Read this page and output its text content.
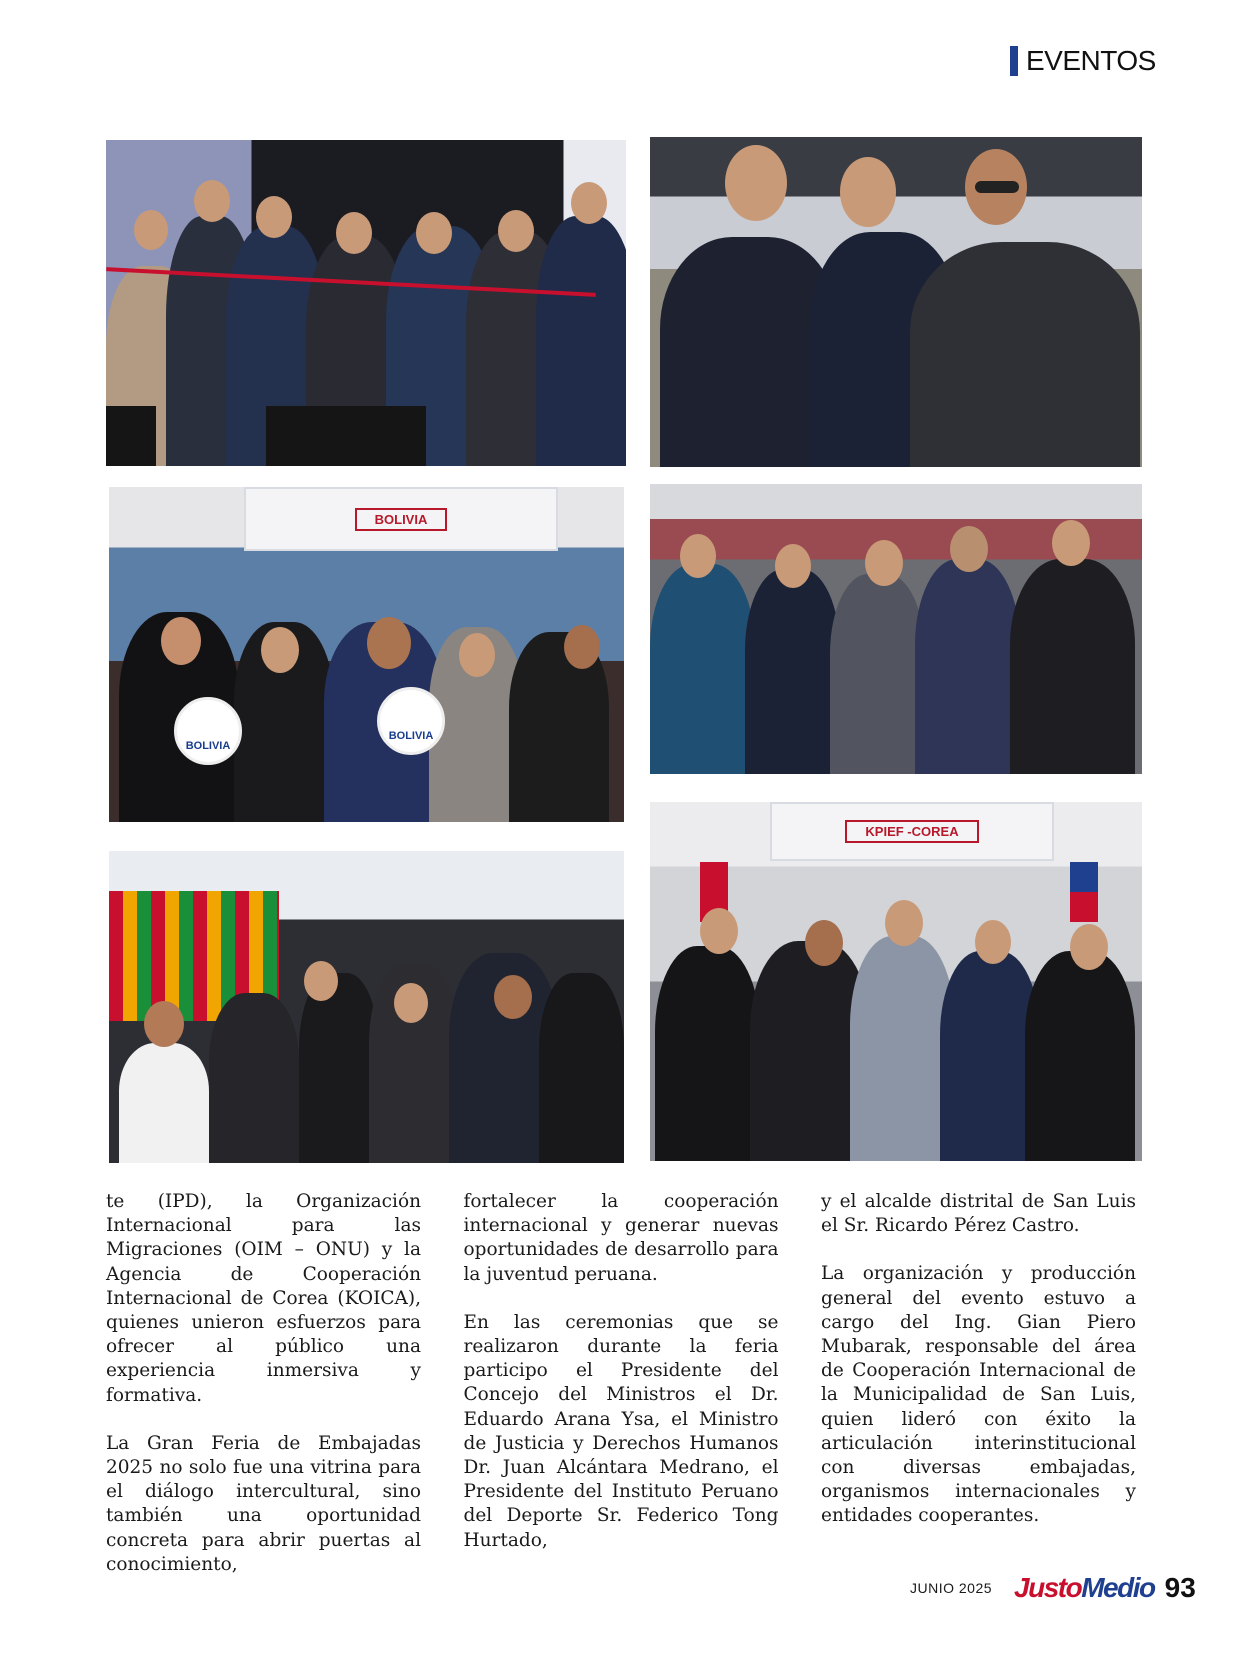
EVENTOS
BOLIVIA
BOLIVIA
BOLIVIA
KPIEF -COREA

te (IPD), la Organización Internacional para las Migraciones (OIM – ONU) y la Agencia de Cooperación Internacional de Corea (KOICA), quienes unieron esfuerzos para ofrecer al público una experiencia inmersiva y formativa.

La Gran Feria de Embajadas 2025 no solo fue una vitrina para el diálogo intercultural, sino también una oportunidad concreta para abrir puertas al conocimiento,

fortalecer la cooperación internacional y generar nuevas oportunidades de desarrollo para la juventud peruana.

En las ceremonias que se realizaron durante la feria participo el Presidente del Concejo del Ministros el Dr. Eduardo Arana Ysa, el Ministro de Justicia y Derechos Humanos Dr. Juan Alcántara Medrano, el Presidente del Instituto Peruano del Deporte Sr. Federico Tong Hurtado,

y el alcalde distrital de San Luis el Sr. Ricardo Pérez Castro.

La organización y producción general del evento estuvo a cargo del Ing. Gian Piero Mubarak, responsable del área de Cooperación Internacional de la Municipalidad de San Luis, quien lideró con éxito la articulación interinstitucional con diversas embajadas, organismos internacionales y entidades cooperantes.

JUNIO 2025 JustoMedio 93
